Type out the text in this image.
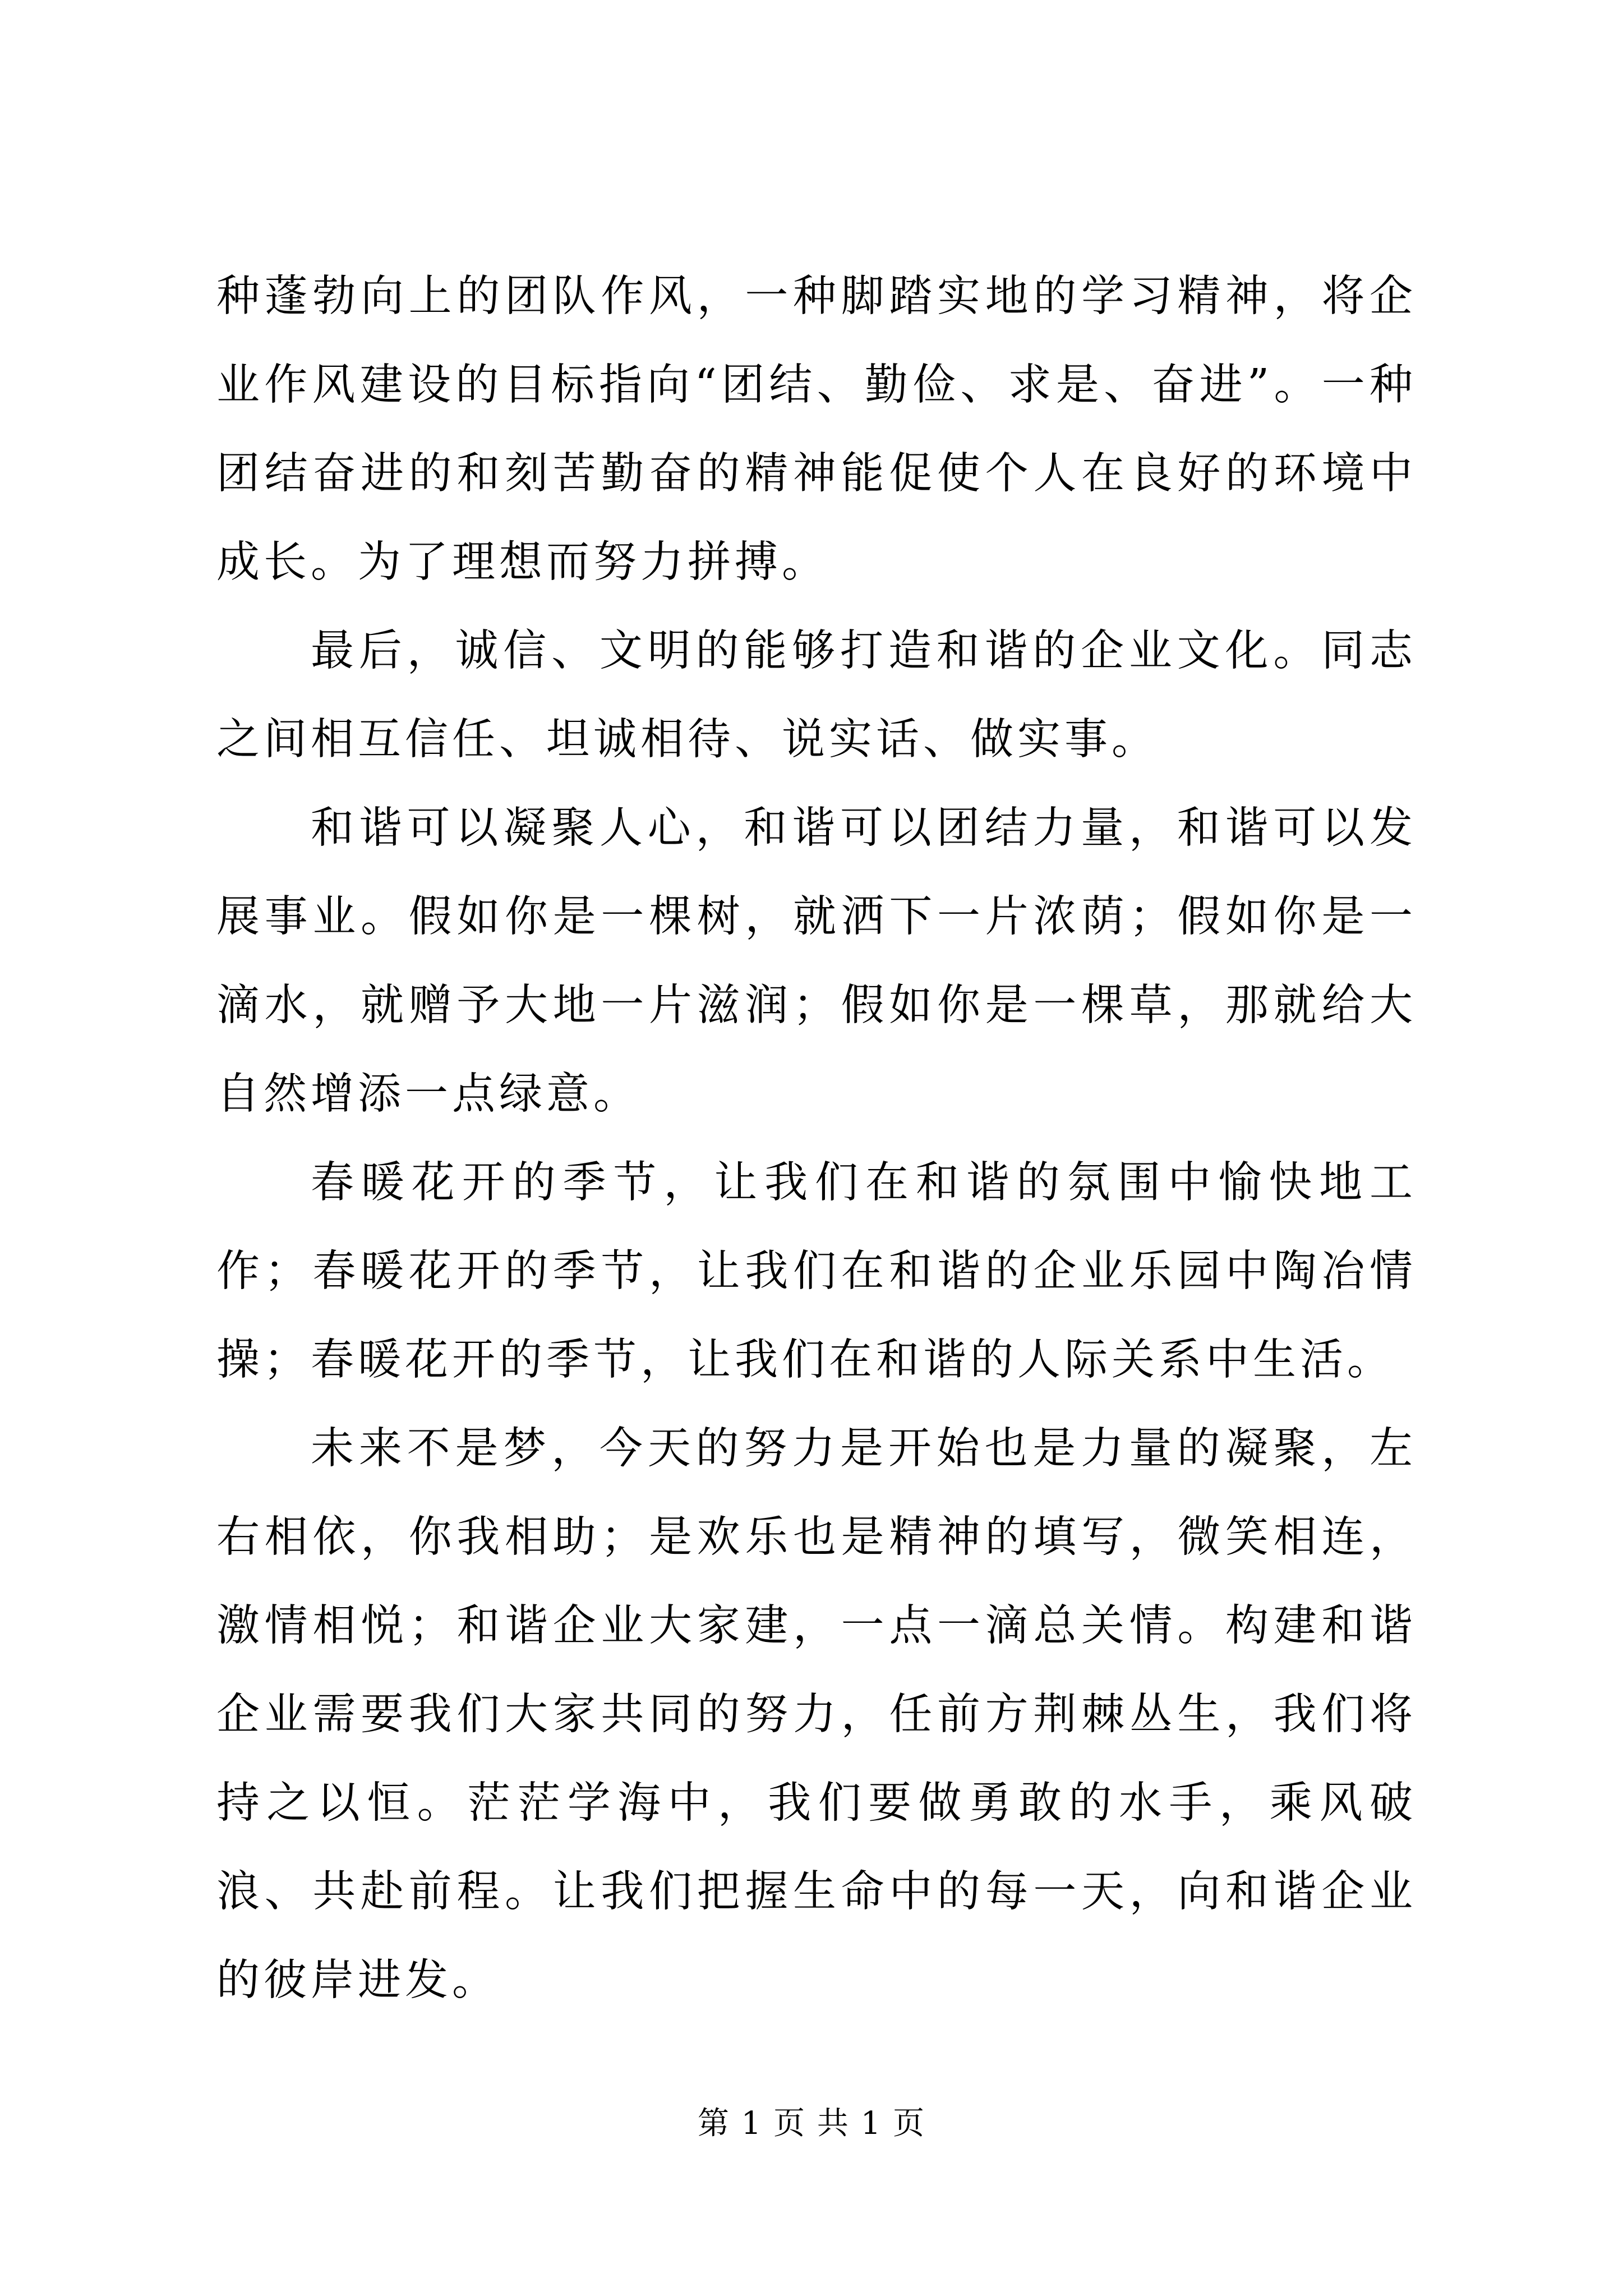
种蓬勃向上的团队作风，一种脚踏实地的学习精神，将企业作风建设的目标指向“团结、勤俭、求是、奋进”。一种团结奋进的和刻苦勤奋的精神能促使个人在良好的环境中成长。为了理想而努力拼搏。

最后，诚信、文明的能够打造和谐的企业文化。同志之间相互信任、坦诚相待、说实话、做实事。

和谐可以凝聚人心，和谐可以团结力量，和谐可以发展事业。假如你是一棵树，就洒下一片浓荫；假如你是一滴水，就赠予大地一片滋润；假如你是一棵草，那就给大自然增添一点绿意。

春暖花开的季节，让我们在和谐的氛围中愉快地工作；春暖花开的季节，让我们在和谐的企业乐园中陶冶情操；春暖花开的季节，让我们在和谐的人际关系中生活。

未来不是梦，今天的努力是开始也是力量的凝聚，左右相依，你我相助；是欢乐也是精神的填写，微笑相连，激情相悦；和谐企业大家建，一点一滴总关情。构建和谐企业需要我们大家共同的努力，任前方荆棘丛生，我们将持之以恒。茫茫学海中，我们要做勇敢的水手，乘风破浪、共赴前程。让我们把握生命中的每一天，向和谐企业的彼岸进发。

第 1 页 共 1 页
